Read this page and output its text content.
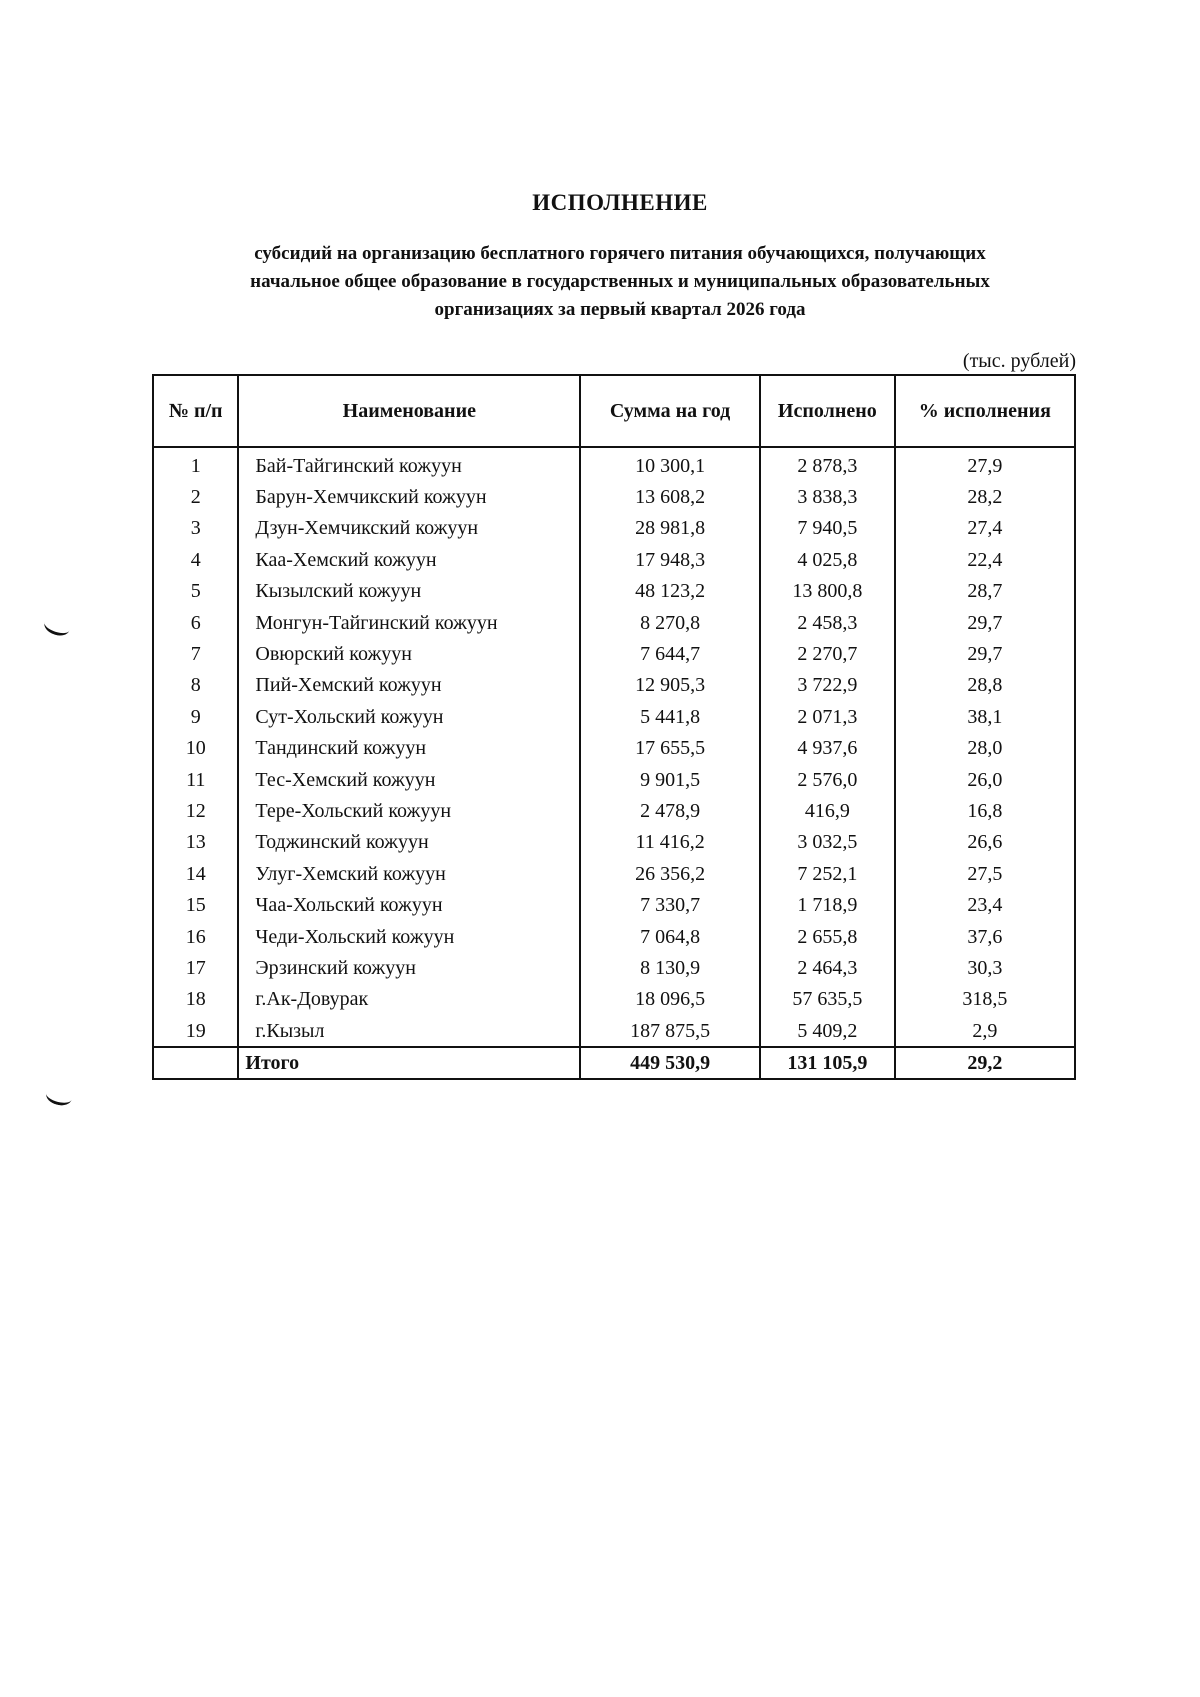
ИСПОЛНЕНИЕ
субсидий на организацию бесплатного горячего питания обучающихся, получающих
начальное общее образование в государственных и муниципальных образовательных
организациях за первый квартал 2026 года
(тыс. рублей)
№ п/п	Наименование	Сумма на год	Исполнено	% исполнения
1	Бай-Тайгинский кожуун	10 300,1	2 878,3	27,9
2	Барун-Хемчикский кожуун	13 608,2	3 838,3	28,2
3	Дзун-Хемчикский кожуун	28 981,8	7 940,5	27,4
4	Каа-Хемский кожуун	17 948,3	4 025,8	22,4
5	Кызылский кожуун	48 123,2	13 800,8	28,7
6	Монгун-Тайгинский кожуун	8 270,8	2 458,3	29,7
7	Овюрский кожуун	7 644,7	2 270,7	29,7
8	Пий-Хемский кожуун	12 905,3	3 722,9	28,8
9	Сут-Хольский кожуун	5 441,8	2 071,3	38,1
10	Тандинский кожуун	17 655,5	4 937,6	28,0
11	Тес-Хемский кожуун	9 901,5	2 576,0	26,0
12	Тере-Хольский кожуун	2 478,9	416,9	16,8
13	Тоджинский кожуун	11 416,2	3 032,5	26,6
14	Улуг-Хемский кожуун	26 356,2	7 252,1	27,5
15	Чаа-Хольский кожуун	7 330,7	1 718,9	23,4
16	Чеди-Хольский кожуун	7 064,8	2 655,8	37,6
17	Эрзинский кожуун	8 130,9	2 464,3	30,3
18	г.Ак-Довурак	18 096,5	57 635,5	318,5
19	г.Кызыл	187 875,5	5 409,2	2,9
	Итого	449 530,9	131 105,9	29,2
